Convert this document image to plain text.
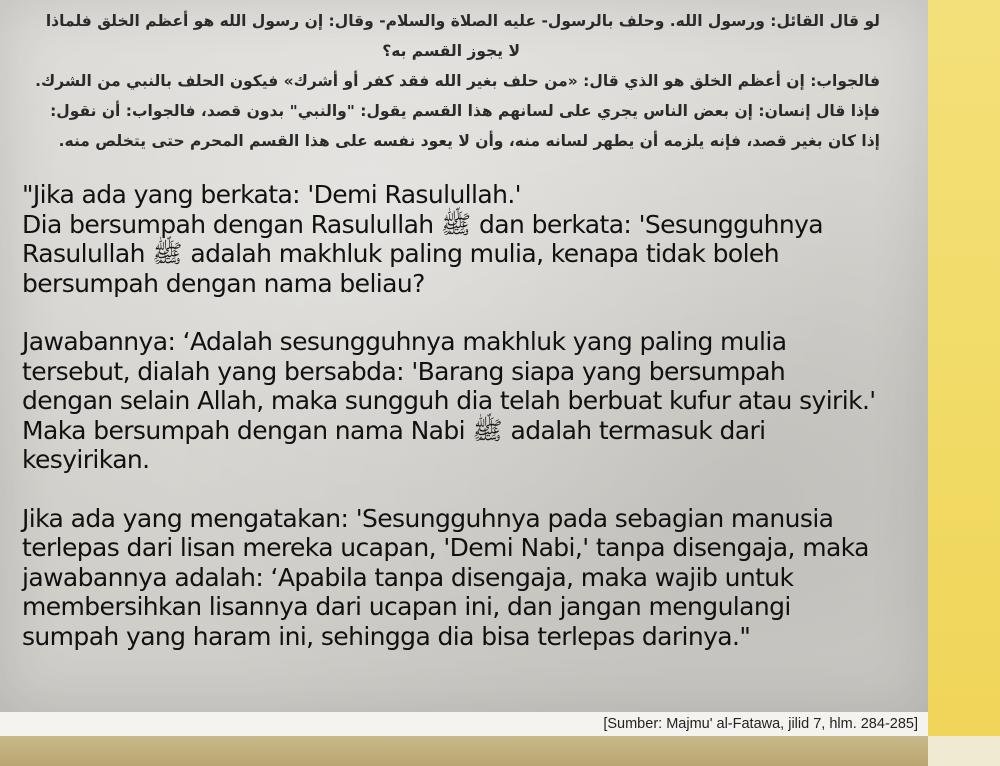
لو قال القائل: ورسول الله. وحلف بالرسول- عليه الصلاة والسلام- وقال: إن رسول الله هو أعظم الخلق فلماذا
لا يجوز القسم به؟
فالجواب: إن أعظم الخلق هو الذي قال: «من حلف بغير الله فقد كفر أو أشرك» فيكون الحلف بالنبي من الشرك.
فإذا قال إنسان: إن بعض الناس يجري على لسانهم هذا القسم يقول: "والنبي" بدون قصد، فالجواب: أن نقول:
إذا كان بغير قصد، فإنه يلزمه أن يطهر لسانه منه، وأن لا يعود نفسه على هذا القسم المحرم حتى يتخلص منه.
"Jika ada yang berkata: 'Demi Rasulullah.'
Dia bersumpah dengan Rasulullah ﷺ dan berkata: 'Sesungguhnya
Rasulullah ﷺ adalah makhluk paling mulia, kenapa tidak boleh
bersumpah dengan nama beliau?
Jawabannya: ‘Adalah sesungguhnya makhluk yang paling mulia
tersebut, dialah yang bersabda: 'Barang siapa yang bersumpah
dengan selain Allah, maka sungguh dia telah berbuat kufur atau syirik.'
Maka bersumpah dengan nama Nabi ﷺ adalah termasuk dari
kesyirikan.
Jika ada yang mengatakan: 'Sesungguhnya pada sebagian manusia
terlepas dari lisan mereka ucapan, 'Demi Nabi,' tanpa disengaja, maka
jawabannya adalah: ‘Apabila tanpa disengaja, maka wajib untuk
membersihkan lisannya dari ucapan ini, dan jangan mengulangi
sumpah yang haram ini, sehingga dia bisa terlepas darinya."
[Sumber: Majmu' al-Fatawa, jilid 7, hlm. 284-285]
